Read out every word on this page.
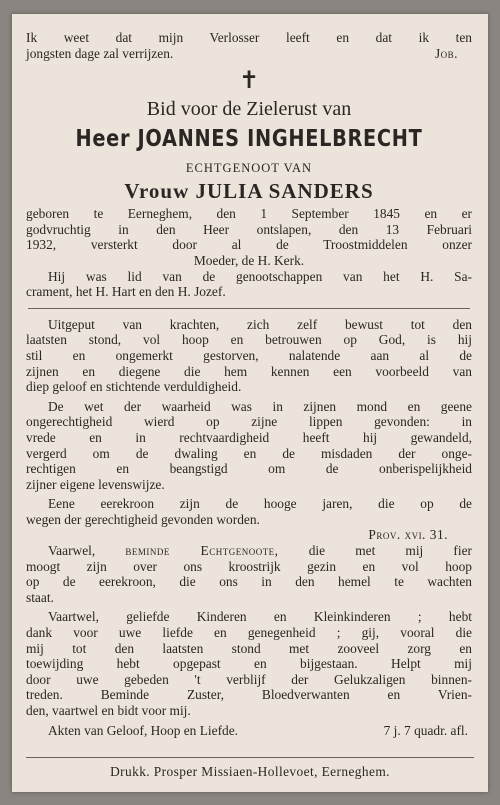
Ik weet dat mijn Verlosser leeft en dat ik ten

jongsten dage zal verrijzen.	Job.

✝

Bid voor de Zielerust van

Heer JOANNES INGHELBRECHT

ECHTGENOOT VAN

Vrouw JULIA SANDERS

geboren te Eerneghem, den 1 September 1845 en er

godvruchtig in den Heer ontslapen, den 13 Februari

1932, versterkt door al de Troostmiddelen onzer

Moeder, de H. Kerk.

Hij was lid van de genootschappen van het H. Sa-

crament, het H. Hart en den H. Jozef.

Uitgeput van krachten, zich zelf bewust tot den

laatsten stond, vol hoop en betrouwen op God, is hij

stil en ongemerkt gestorven, nalatende aan al de

zijnen en diegene die hem kennen een voorbeeld van

diep geloof en stichtende verduldigheid.

De wet der waarheid was in zijnen mond en geene

ongerechtigheid wierd op zijne lippen gevonden: in

vrede en in rechtvaardigheid heeft hij gewandeld,

vergerd om de dwaling en de misdaden der onge-

rechtigen en beangstigd om de onberispelijkheid

zijner eigene levenswijze.

Eene eerekroon zijn de hooge jaren, die op de

wegen der gerechtigheid gevonden worden.

Prov. xvi. 31.

Vaarwel, beminde Echtgenoote, die met mij fier

moogt zijn over ons kroostrijk gezin en vol hoop

op de eerekroon, die ons in den hemel te wachten

staat.

Vaartwel, geliefde Kinderen en Kleinkinderen ; hebt

dank voor uwe liefde en genegenheid ; gij, vooral die

mij tot den laatsten stond met zooveel zorg en

toewijding hebt opgepast en bijgestaan. Helpt mij

door uwe gebeden 't verblijf der Gelukzaligen binnen-

treden. Beminde Zuster, Bloedverwanten en Vrien-

den, vaartwel en bidt voor mij.

Akten van Geloof, Hoop en Liefde.	7 j. 7 quadr. afl.

Drukk. Prosper Missiaen-Hollevoet, Eerneghem.
